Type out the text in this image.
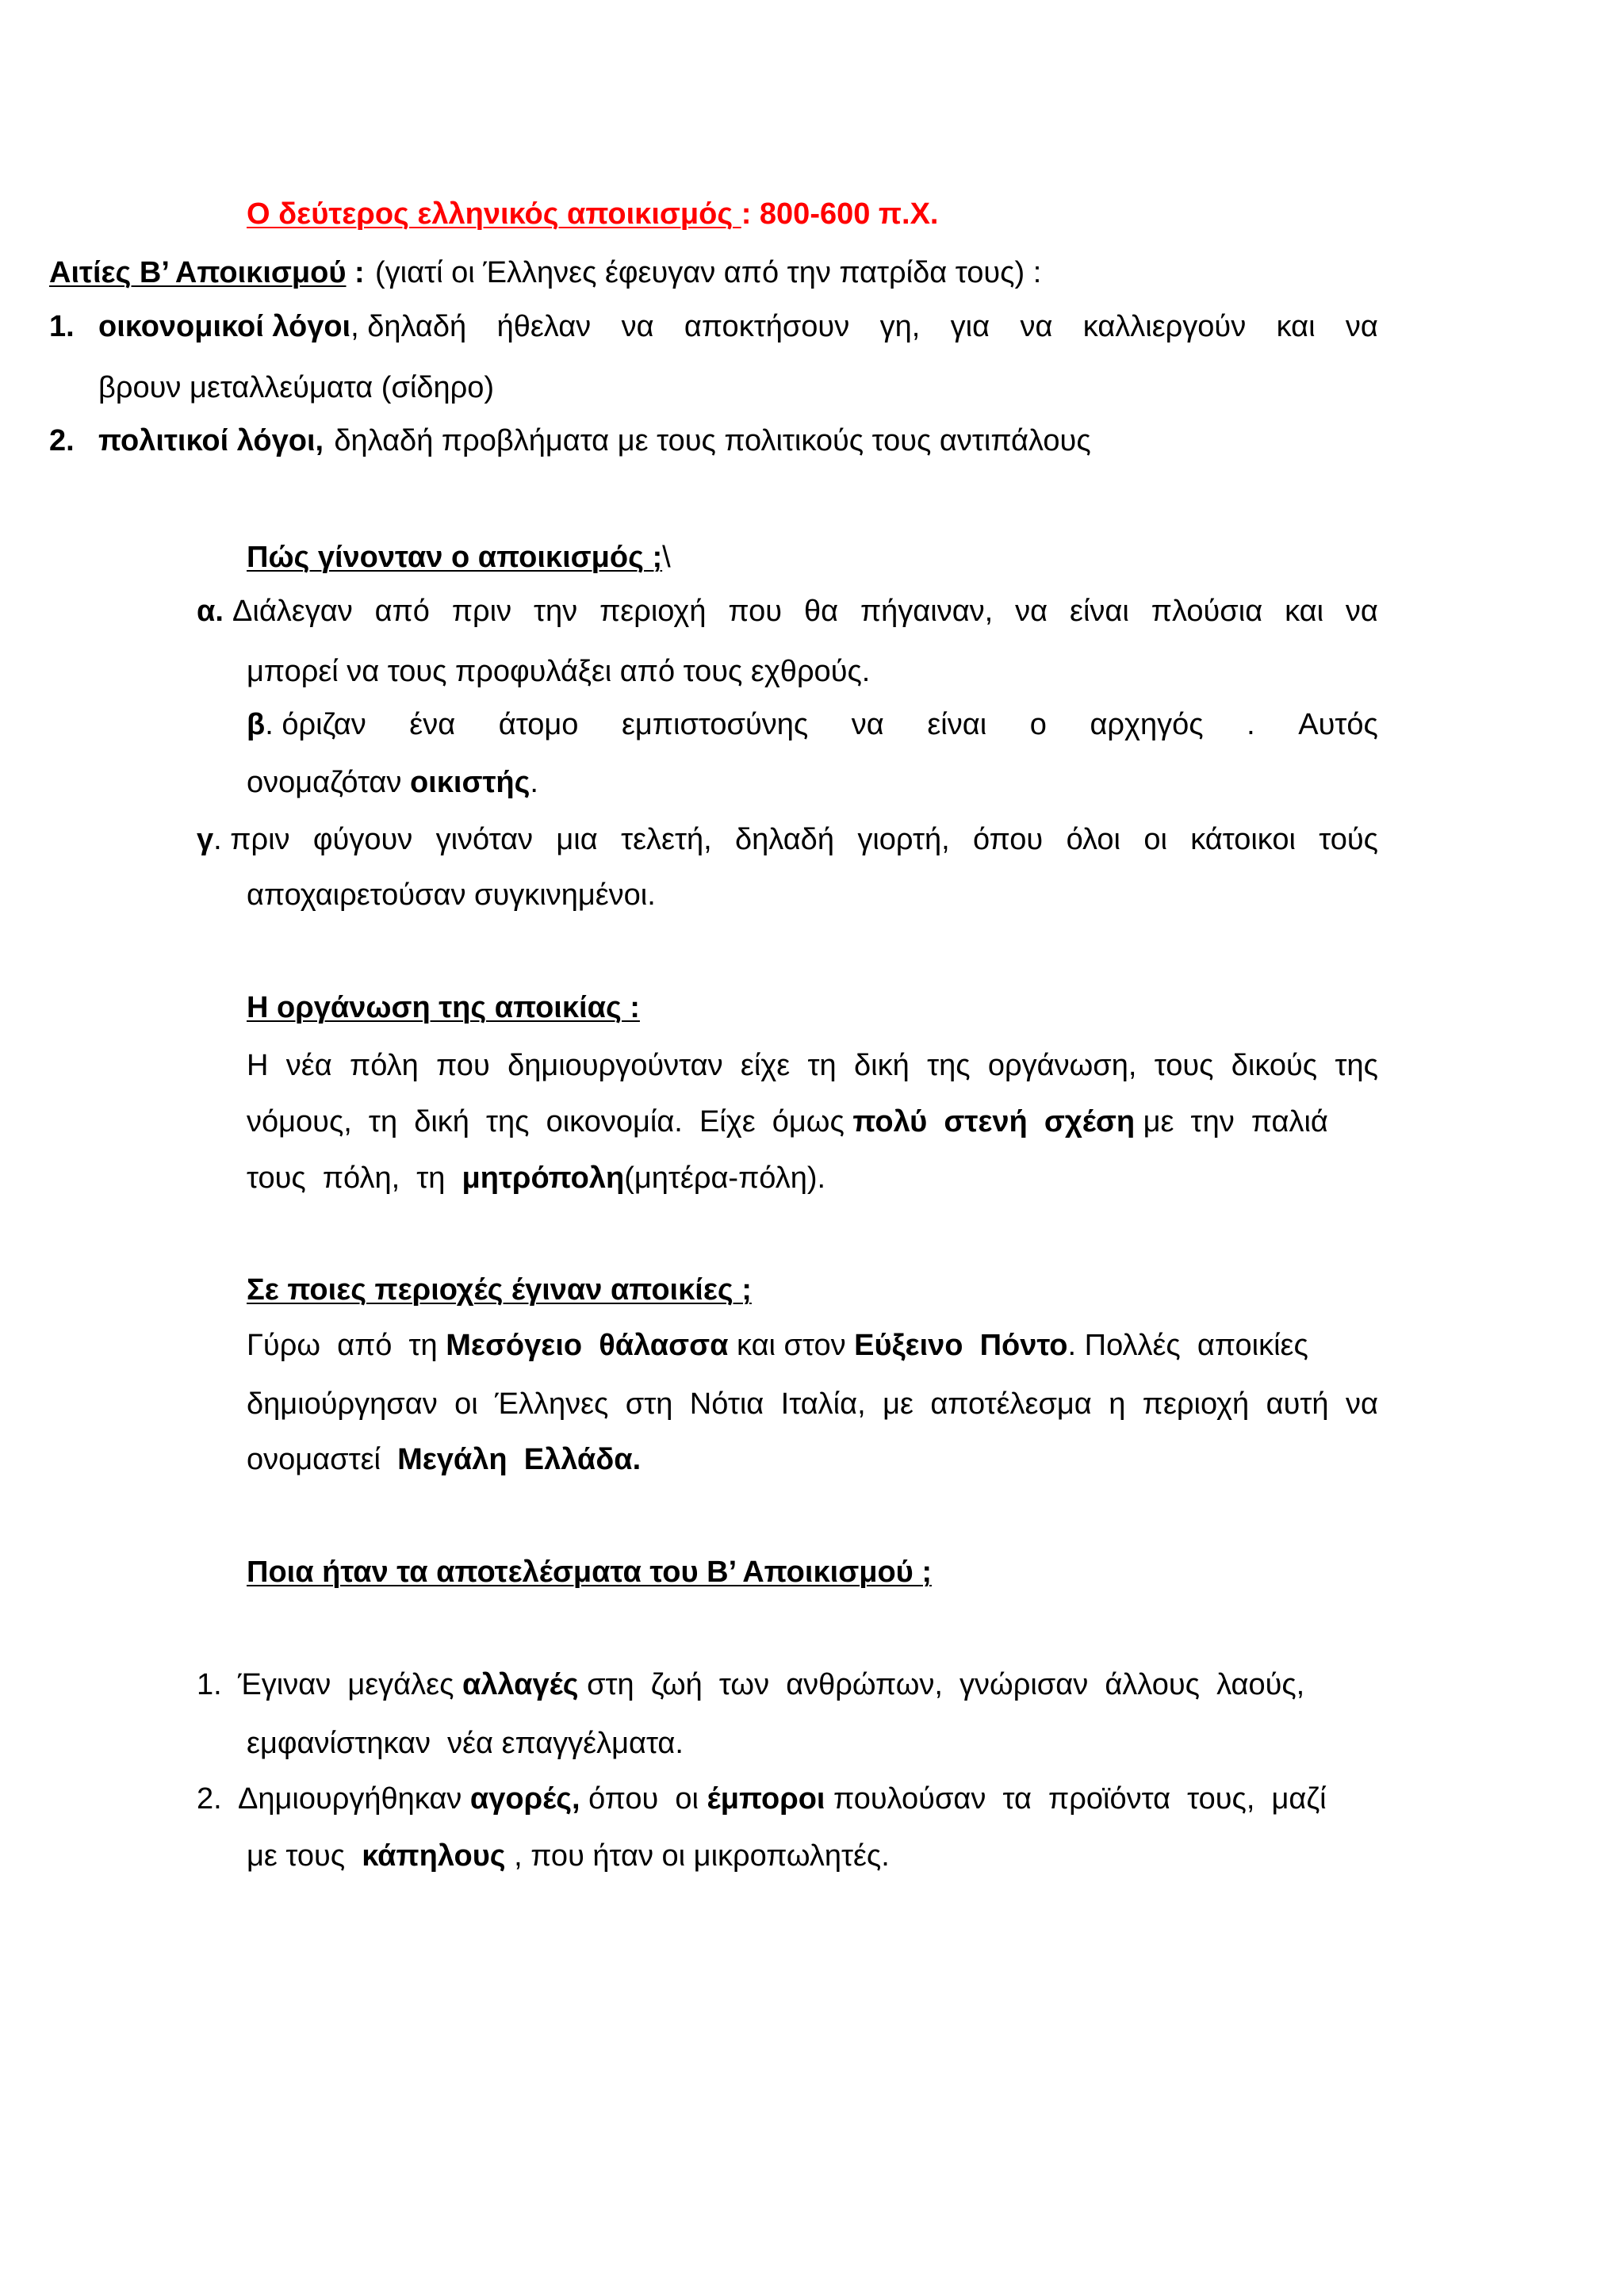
Ο δεύτερος ελληνικός αποικισμός : 800-600 π.Χ.

Αιτίες Β’ Αποικισμού : (γιατί οι Έλληνες έφευγαν από την πατρίδα τους) :

1. οικονομικοί λόγοι, δηλαδή ήθελαν να αποκτήσουν γη, για να καλλιεργούν και να

βρουν μεταλλεύματα (σίδηρο)

2. πολιτικοί λόγοι, δηλαδή προβλήματα με τους πολιτικούς τους αντιπάλους

Πώς γίνονταν ο αποικισμός ;\

α. Διάλεγαν από πριν την περιοχή που θα πήγαιναν, να είναι πλούσια και να

μπορεί να τους προφυλάξει από τους εχθρούς.

β. όριζαν ένα άτομο εμπιστοσύνης να είναι ο αρχηγός . Αυτός

ονομαζόταν οικιστής.

γ. πριν φύγουν γινόταν μια τελετή, δηλαδή γιορτή, όπου όλοι οι κάτοικοι τούς

αποχαιρετούσαν συγκινημένοι.

Η οργάνωση της αποικίας :

Η νέα πόλη που δημιουργούνταν είχε τη δική της οργάνωση, τους δικούς της

νόμους,  τη  δική  της  οικονομία.  Είχε  όμως πολύ  στενή  σχέση με  την  παλιά

τους  πόλη,  τη  μητρόπολη(μητέρα-πόλη).

Σε ποιες περιοχές έγιναν αποικίες ;

Γύρω  από  τη Μεσόγειο  θάλασσα και στον Εύξεινο  Πόντο. Πολλές  αποικίες

δημιούργησαν οι Έλληνες στη Νότια Ιταλία, με αποτέλεσμα η περιοχή αυτή να

ονομαστεί  Μεγάλη  Ελλάδα.

Ποια ήταν τα αποτελέσματα του Β’ Αποικισμού ;

1. Έγιναν  μεγάλες αλλαγές στη  ζωή  των  ανθρώπων,  γνώρισαν  άλλους  λαούς,

εμφανίστηκαν  νέα επαγγέλματα.

2. Δημιουργήθηκαν αγορές, όπου  οι έμποροι πουλούσαν  τα  προϊόντα  τους,  μαζί

με τους  κάπηλους , που ήταν οι μικροπωλητές.
